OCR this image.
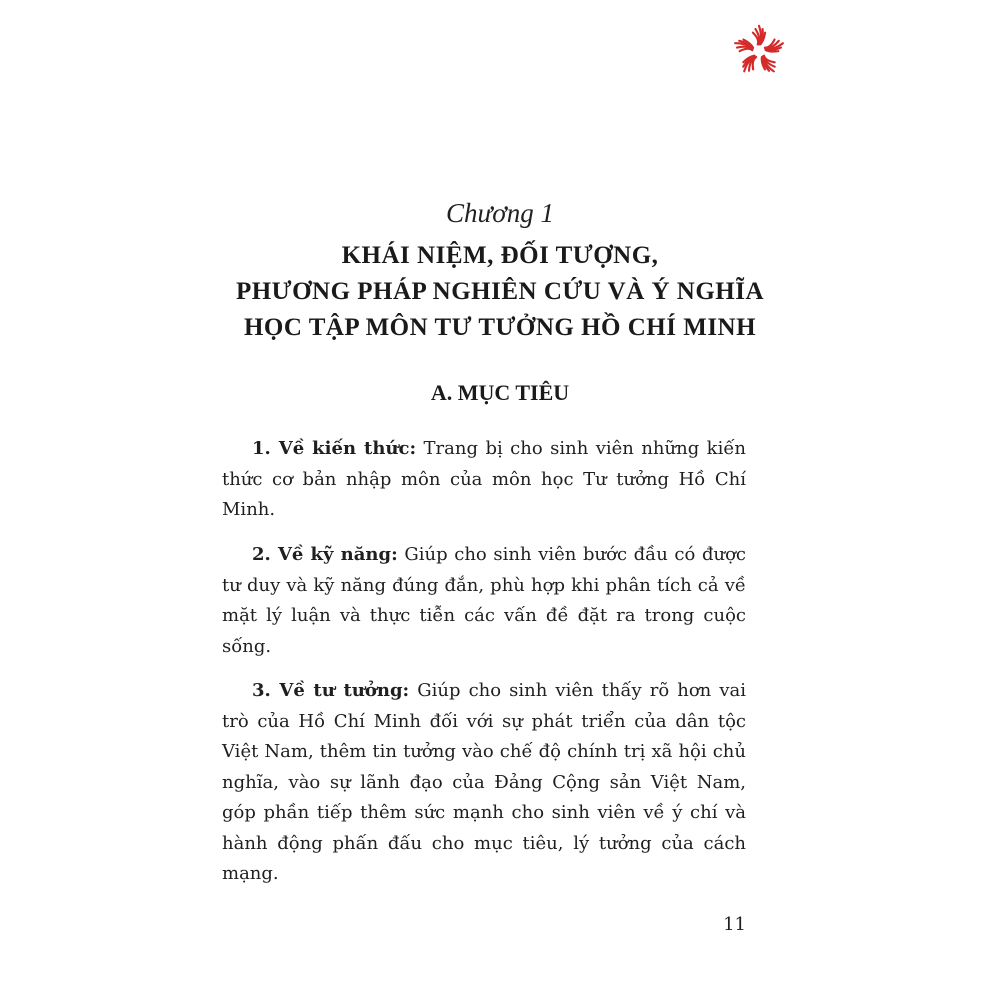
Chương 1
KHÁI NIỆM, ĐỐI TƯỢNG,
PHƯƠNG PHÁP NGHIÊN CỨU VÀ Ý NGHĨA
HỌC TẬP MÔN TƯ TƯỞNG HỒ CHÍ MINH
A. MỤC TIÊU

1. Về kiến thức: Trang bị cho sinh viên những kiến thức cơ bản nhập môn của môn học Tư tưởng Hồ Chí Minh.

2. Về kỹ năng: Giúp cho sinh viên bước đầu có được tư duy và kỹ năng đúng đắn, phù hợp khi phân tích cả về mặt lý luận và thực tiễn các vấn đề đặt ra trong cuộc sống.

3. Về tư tưởng: Giúp cho sinh viên thấy rõ hơn vai trò của Hồ Chí Minh đối với sự phát triển của dân tộc Việt Nam, thêm tin tưởng vào chế độ chính trị xã hội chủ nghĩa, vào sự lãnh đạo của Đảng Cộng sản Việt Nam, góp phần tiếp thêm sức mạnh cho sinh viên về ý chí và hành động phấn đấu cho mục tiêu, lý tưởng của cách mạng.

11
